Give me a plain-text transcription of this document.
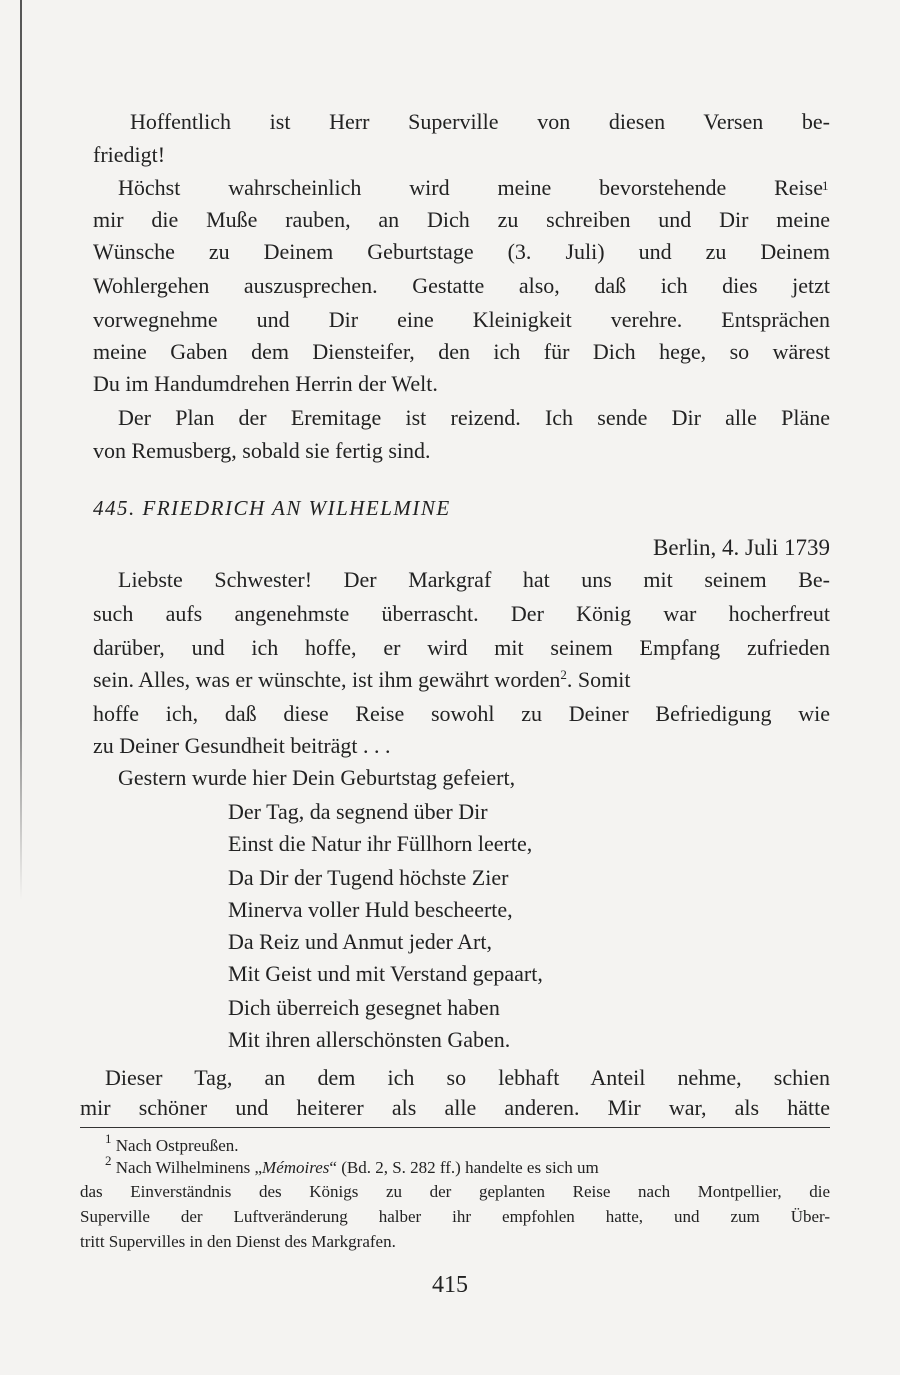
Hoffentlich ist Herr Superville von diesen Versen be-
friedigt!
Höchst wahrscheinlich wird meine bevorstehende Reise 1
mir die Muße rauben, an Dich zu schreiben und Dir meine
Wünsche zu Deinem Geburtstage (3. Juli) und zu Deinem
Wohlergehen auszusprechen. Gestatte also, daß ich dies jetzt
vorwegnehme und Dir eine Kleinigkeit verehre. Entsprächen
meine Gaben dem Diensteifer, den ich für Dich hege, so wärest
Du im Handumdrehen Herrin der Welt.
Der Plan der Eremitage ist reizend. Ich sende Dir alle Pläne
von Remusberg, sobald sie fertig sind.
445. FRIEDRICH AN WILHELMINE
Berlin, 4. Juli 1739
Liebste Schwester! Der Markgraf hat uns mit seinem Be-
such aufs angenehmste überrascht. Der König war hocherfreut
darüber, und ich hoffe, er wird mit seinem Empfang zufrieden
sein. Alles, was er wünschte, ist ihm gewährt worden$^2$. Somit
hoffe ich, daß diese Reise sowohl zu Deiner Befriedigung wie
zu Deiner Gesundheit beiträgt . . .
Gestern wurde hier Dein Geburtstag gefeiert,
Der Tag, da segnend über Dir
Einst die Natur ihr Füllhorn leerte,
Da Dir der Tugend höchste Zier
Minerva voller Huld bescheerte,
Da Reiz und Anmut jeder Art,
Mit Geist und mit Verstand gepaart,
Dich überreich gesegnet haben
Mit ihren allerschönsten Gaben.
Dieser Tag, an dem ich so lebhaft Anteil nehme, schien
mir schöner und heiterer als alle anderen. Mir war, als hätte
$^1$ Nach Ostpreußen.
$^2$ Nach Wilhelminens „Mémoires“ (Bd. 2, S. 282 ff.) handelte es sich um
das Einverständnis des Königs zu der geplanten Reise nach Montpellier, die
Superville der Luftveränderung halber ihr empfohlen hatte, und zum Über-
tritt Supervilles in den Dienst des Markgrafen.
415
